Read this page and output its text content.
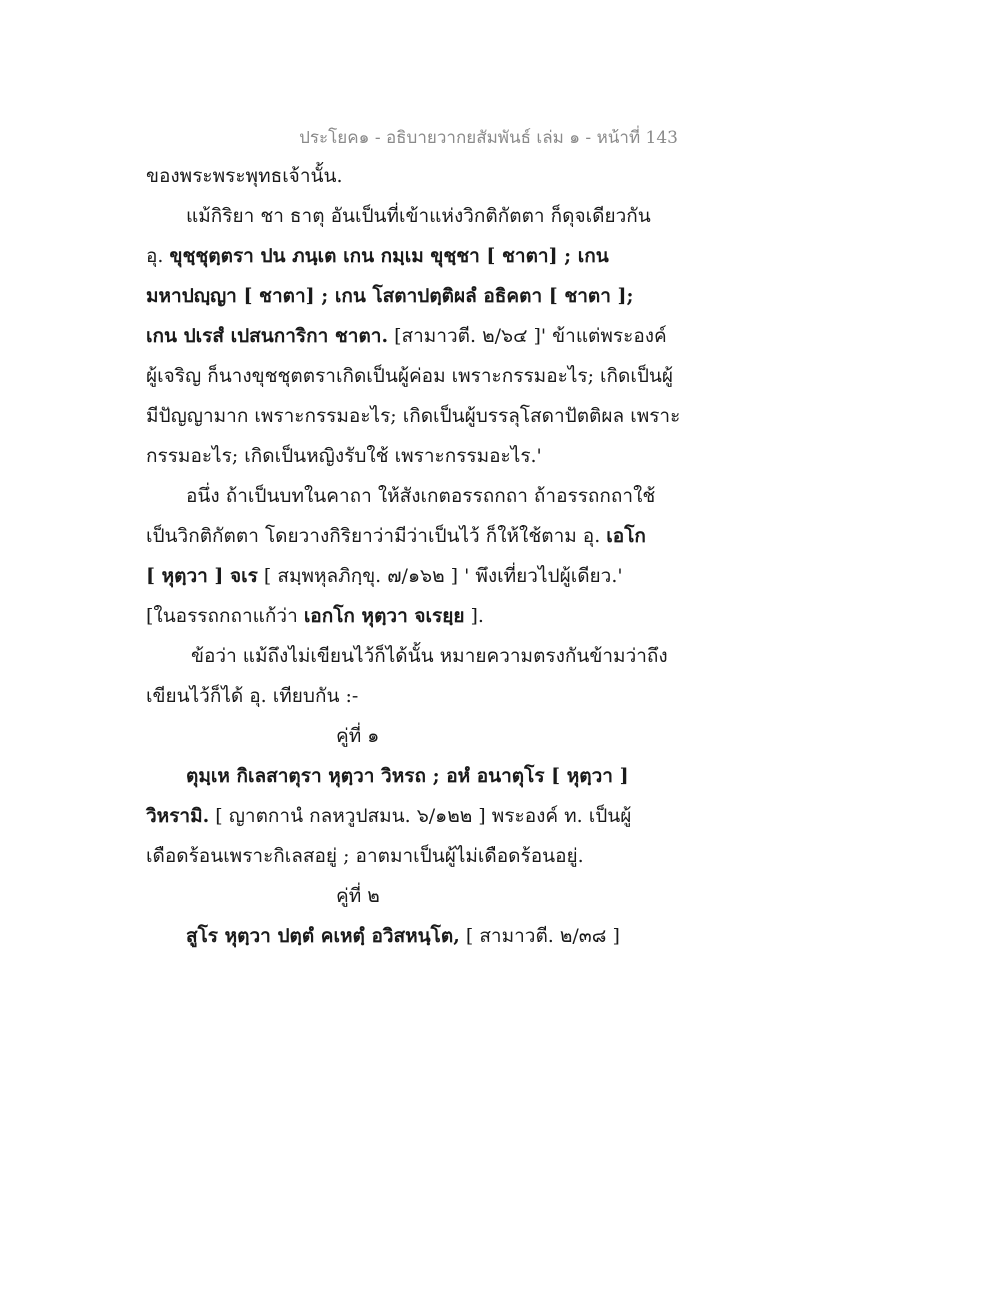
ประโยค๑ - อธิบายวากยสัมพันธ์ เล่ม ๑ - หน้าที่ 143
ของพระพระพุทธเจ้านั้น.
แม้กิริยา ชา ธาตุ อันเป็นที่เข้าแห่งวิกติกัตตา ก็ดุจเดียวกัน
อุ. ขุชฺชุตฺตรา ปน ภนฺเต เกน กมฺเม ขุชฺชา [ ชาตา] ; เกน
มหาปญฺญา [ ชาตา] ; เกน โสตาปตฺติผลํ อธิคตา [ ชาตา ];
เกน ปเรสํ เปสนการิกา ชาตา. [สามาวตี. ๒/๖๔ ]' ข้าแต่พระองค์
ผู้เจริญ ก็นางขุชชุตตราเกิดเป็นผู้ค่อม เพราะกรรมอะไร; เกิดเป็นผู้
มีปัญญามาก เพราะกรรมอะไร; เกิดเป็นผู้บรรลุโสดาปัตติผล เพราะ
กรรมอะไร; เกิดเป็นหญิงรับใช้ เพราะกรรมอะไร.'
อนึ่ง ถ้าเป็นบทในคาถา ให้สังเกตอรรถกถา ถ้าอรรถกถาใช้
เป็นวิกติกัตตา โดยวางกิริยาว่ามีว่าเป็นไว้ ก็ให้ใช้ตาม อุ. เอโก
[ หุตฺวา ] จเร [ สมฺพหุลภิกฺขุ. ๗/๑๖๒ ] ' พึงเที่ยวไปผู้เดียว.'
[ในอรรถกถาแก้ว่า เอกโก หุตฺวา จเรยฺย ].
ข้อว่า แม้ถึงไม่เขียนไว้ก็ได้นั้น หมายความตรงกันข้ามว่าถึง
เขียนไว้ก็ได้ อุ. เทียบกัน :-
คู่ที่ ๑
ตุมฺเห กิเลสาตุรา หุตฺวา วิหรถ ; อหํ อนาตุโร [ หุตฺวา ]
วิหรามิ. [ ญาตกานํ กลหวูปสมน. ๖/๑๒๒ ] พระองค์ ท. เป็นผู้
เดือดร้อนเพราะกิเลสอยู่ ; อาตมาเป็นผู้ไม่เดือดร้อนอยู่.
คู่ที่ ๒
สูโร หุตฺวา ปตฺตํ คเหตฺํ อวิสหนฺโต, [ สามาวตี. ๒/๓๘ ]
